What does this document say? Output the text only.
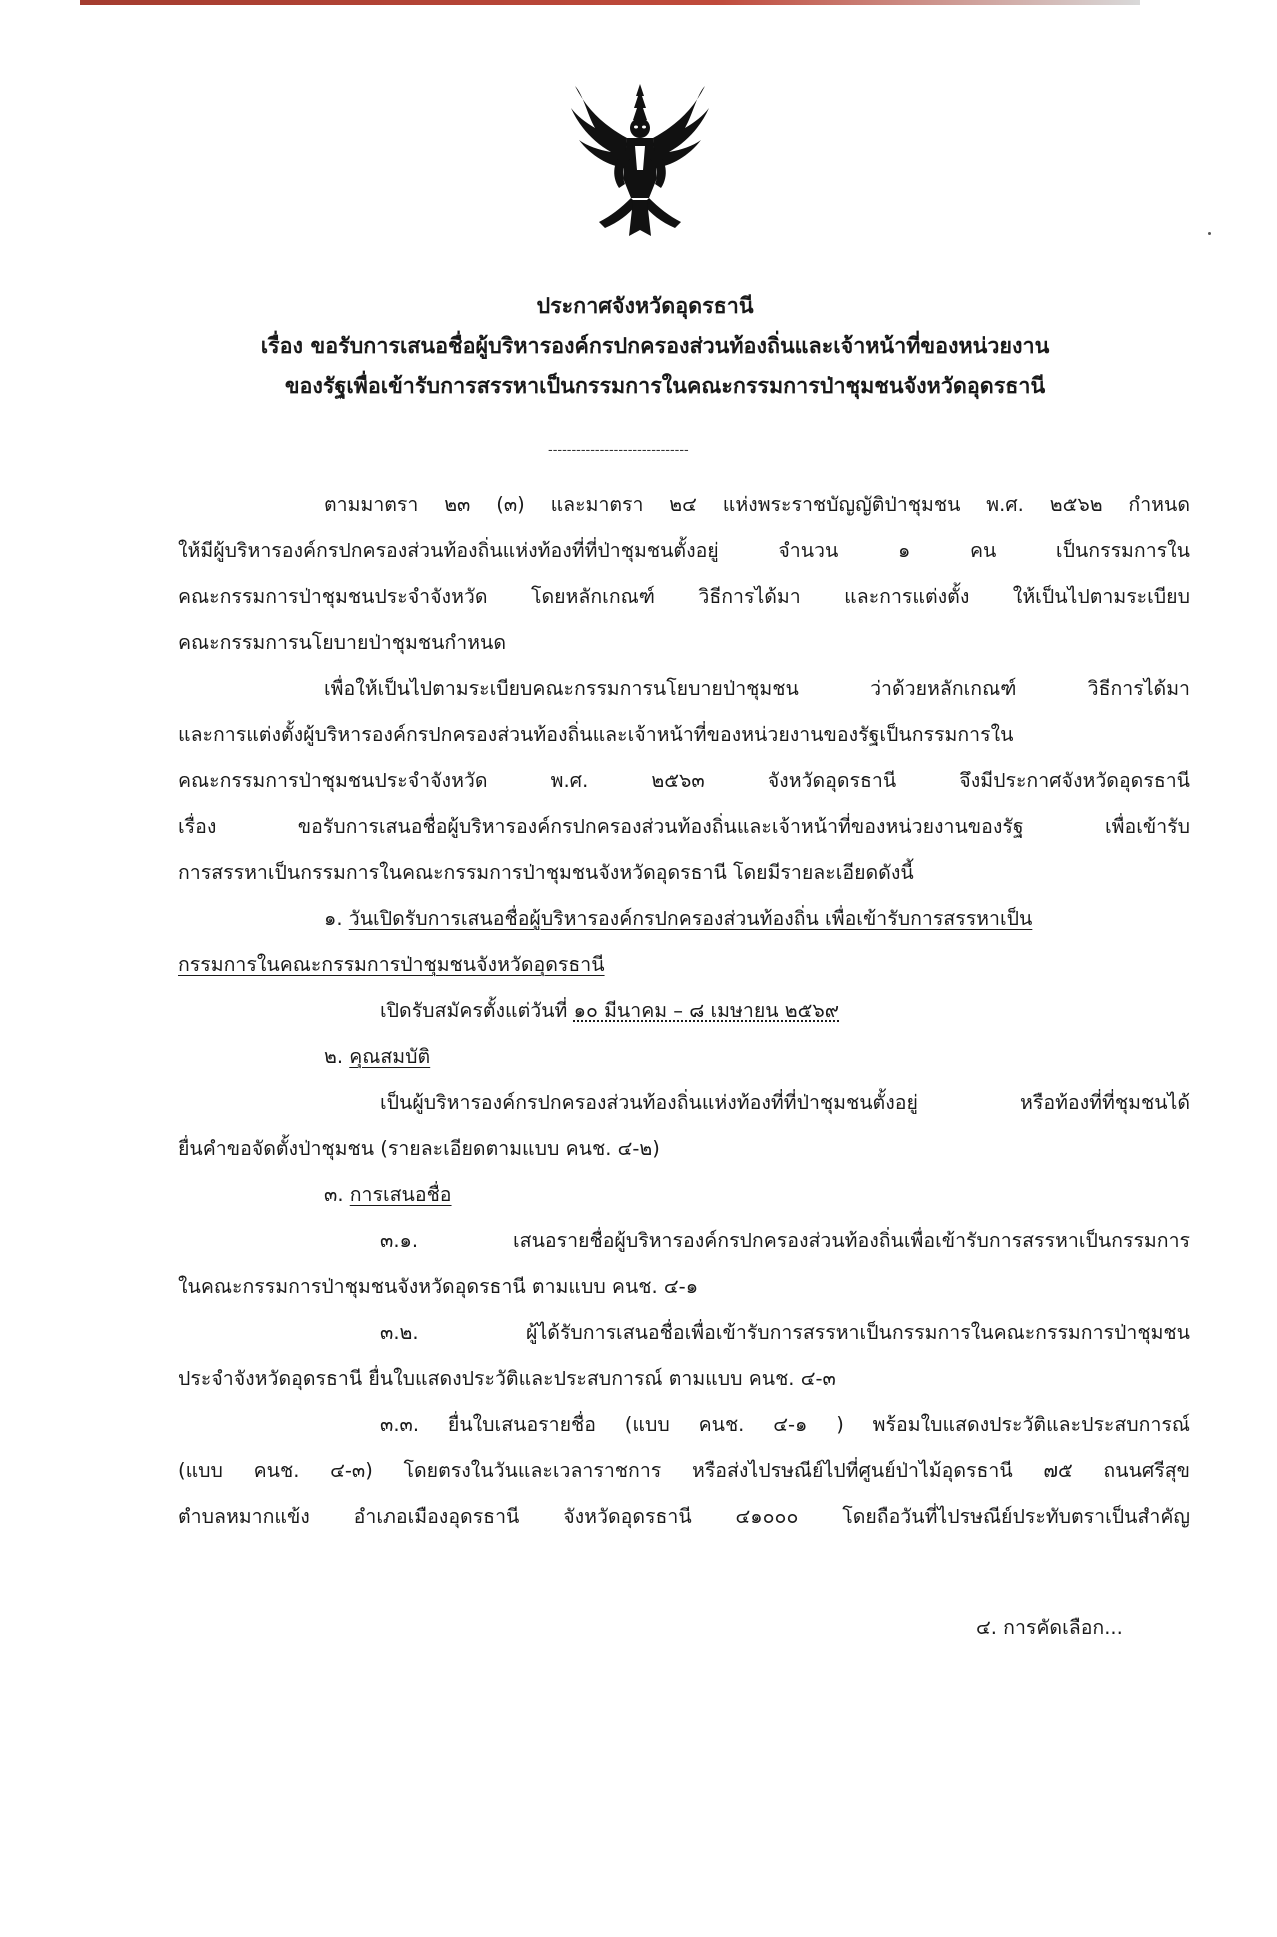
ประกาศจังหวัดอุดรธานี
เรื่อง ขอรับการเสนอชื่อผู้บริหารองค์กรปกครองส่วนท้องถิ่นและเจ้าหน้าที่ของหน่วยงาน
ของรัฐเพื่อเข้ารับการสรรหาเป็นกรรมการในคณะกรรมการป่าชุมชนจังหวัดอุดรธานี
------------------------------
ตามมาตรา ๒๓ (๓) และมาตรา ๒๔ แห่งพระราชบัญญัติป่าชุมชน พ.ศ. ๒๕๖๒ กำหนด
ให้มีผู้บริหารองค์กรปกครองส่วนท้องถิ่นแห่งท้องที่ที่ป่าชุมชนตั้งอยู่ จำนวน ๑ คน เป็นกรรมการใน
คณะกรรมการป่าชุมชนประจำจังหวัด โดยหลักเกณฑ์ วิธีการได้มา และการแต่งตั้ง ให้เป็นไปตามระเบียบ
คณะกรรมการนโยบายป่าชุมชนกำหนด
เพื่อให้เป็นไปตามระเบียบคณะกรรมการนโยบายป่าชุมชน ว่าด้วยหลักเกณฑ์ วิธีการได้มา
และการแต่งตั้งผู้บริหารองค์กรปกครองส่วนท้องถิ่นและเจ้าหน้าที่ของหน่วยงานของรัฐเป็นกรรมการใน
คณะกรรมการป่าชุมชนประจำจังหวัด พ.ศ. ๒๕๖๓ จังหวัดอุดรธานี จึงมีประกาศจังหวัดอุดรธานี
เรื่อง ขอรับการเสนอชื่อผู้บริหารองค์กรปกครองส่วนท้องถิ่นและเจ้าหน้าที่ของหน่วยงานของรัฐ เพื่อเข้ารับ
การสรรหาเป็นกรรมการในคณะกรรมการป่าชุมชนจังหวัดอุดรธานี โดยมีรายละเอียดดังนี้
๑. วันเปิดรับการเสนอชื่อผู้บริหารองค์กรปกครองส่วนท้องถิ่น เพื่อเข้ารับการสรรหาเป็น
กรรมการในคณะกรรมการป่าชุมชนจังหวัดอุดรธานี
เปิดรับสมัครตั้งแต่วันที่ ๑๐ มีนาคม – ๘ เมษายน ๒๕๖๙
๒. คุณสมบัติ
เป็นผู้บริหารองค์กรปกครองส่วนท้องถิ่นแห่งท้องที่ที่ป่าชุมชนตั้งอยู่ หรือท้องที่ที่ชุมชนได้
ยื่นคำขอจัดตั้งป่าชุมชน (รายละเอียดตามแบบ คนช. ๔-๒)
๓. การเสนอชื่อ
๓.๑. เสนอรายชื่อผู้บริหารองค์กรปกครองส่วนท้องถิ่นเพื่อเข้ารับการสรรหาเป็นกรรมการ
ในคณะกรรมการป่าชุมชนจังหวัดอุดรธานี ตามแบบ คนช. ๔-๑
๓.๒. ผู้ได้รับการเสนอชื่อเพื่อเข้ารับการสรรหาเป็นกรรมการในคณะกรรมการป่าชุมชน
ประจำจังหวัดอุดรธานี ยื่นใบแสดงประวัติและประสบการณ์ ตามแบบ คนช. ๔-๓
๓.๓. ยื่นใบเสนอรายชื่อ (แบบ คนช. ๔-๑ ) พร้อมใบแสดงประวัติและประสบการณ์
(แบบ คนช. ๔-๓) โดยตรงในวันและเวลาราชการ หรือส่งไปรษณีย์ไปที่ศูนย์ป่าไม้อุดรธานี ๗๕ ถนนศรีสุข
ตำบลหมากแข้ง อำเภอเมืองอุดรธานี จังหวัดอุดรธานี ๔๑๐๐๐ โดยถือวันที่ไปรษณีย์ประทับตราเป็นสำคัญ
๔. การคัดเลือก...
